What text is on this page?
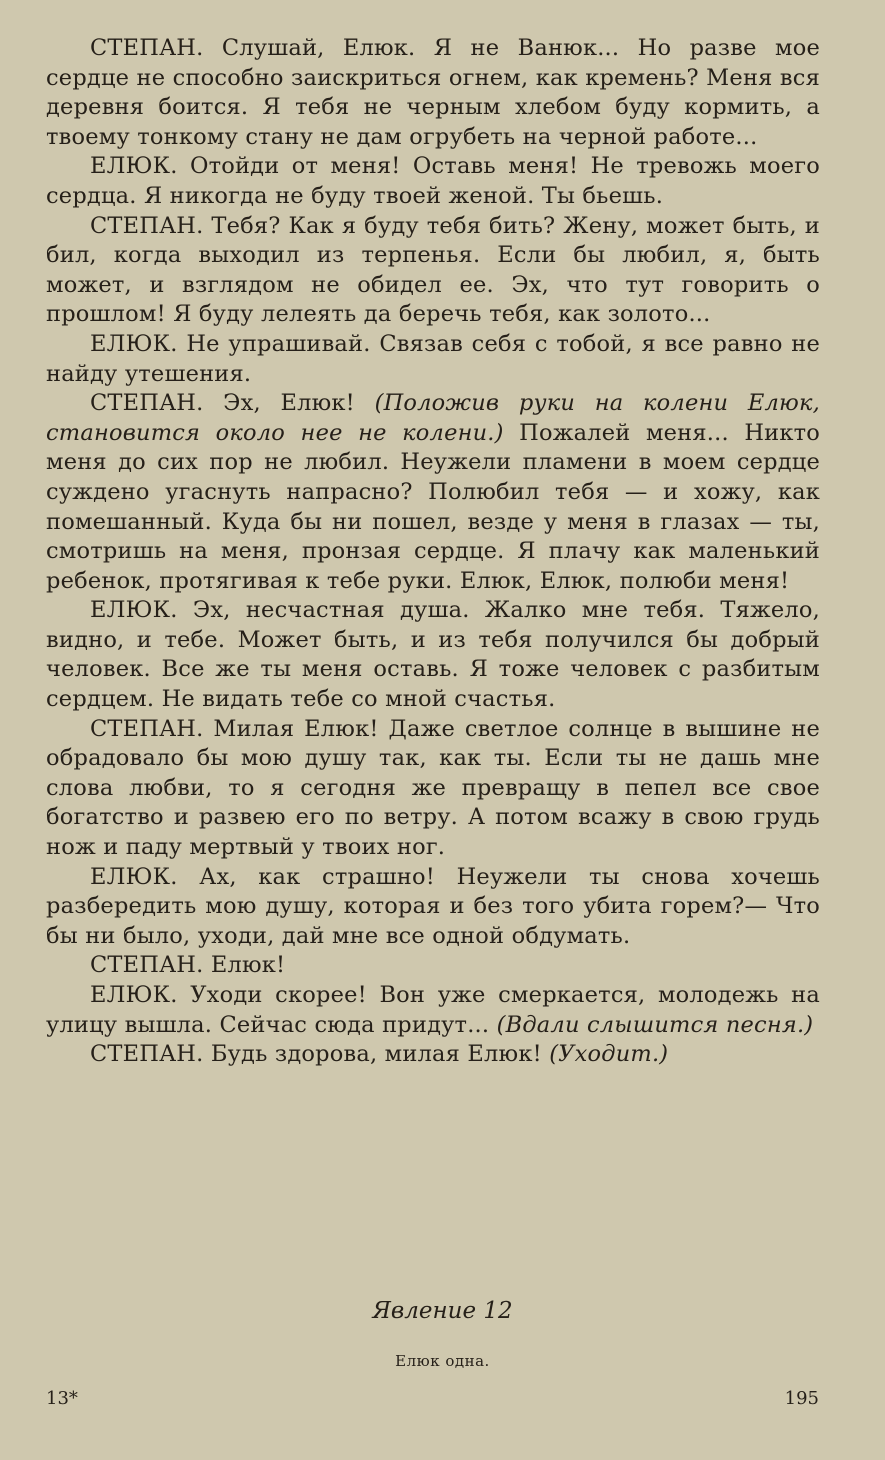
СТЕПАН. Слушай, Елюк. Я не Ванюк... Но разве мое сердце не способно заискриться огнем, как кремень? Меня вся деревня боится. Я тебя не черным хлебом буду кормить, а твоему тонкому стану не дам огрубеть на черной работе...

ЕЛЮК. Отойди от меня! Оставь меня! Не тревожь моего сердца. Я никогда не буду твоей женой. Ты бьешь.

СТЕПАН. Тебя? Как я буду тебя бить? Жену, может быть, и бил, когда выходил из терпенья. Если бы любил, я, быть может, и взглядом не обидел ее. Эх, что тут говорить о прошлом! Я буду лелеять да беречь тебя, как золото...

ЕЛЮК. Не упрашивай. Связав себя с тобой, я все равно не найду утешения.

СТЕПАН. Эх, Елюк! (Положив руки на колени Елюк, становится около нее не колени.) Пожалей меня... Никто меня до сих пор не любил. Неужели пламени в моем сердце суждено угаснуть напрасно? Полюбил тебя — и хожу, как помешанный. Куда бы ни пошел, везде у меня в глазах — ты, смотришь на меня, пронзая сердце. Я плачу как маленький ребенок, протягивая к тебе руки. Елюк, Елюк, полюби меня!

ЕЛЮК. Эх, несчастная душа. Жалко мне тебя. Тяжело, видно, и тебе. Может быть, и из тебя получился бы добрый человек. Все же ты меня оставь. Я тоже человек с разбитым сердцем. Не видать тебе со мной счастья.

СТЕПАН. Милая Елюк! Даже светлое солнце в вышине не обрадовало бы мою душу так, как ты. Если ты не дашь мне слова любви, то я сегодня же превращу в пепел все свое богатство и развею его по ветру. А потом всажу в свою грудь нож и паду мертвый у твоих ног.

ЕЛЮК. Ах, как страшно! Неужели ты снова хочешь разбередить мою душу, которая и без того убита горем?— Что бы ни было, уходи, дай мне все одной обдумать.

СТЕПАН. Елюк!

ЕЛЮК. Уходи скорее! Вон уже смеркается, молодежь на улицу вышла. Сейчас сюда придут... (Вдали слышится песня.)

СТЕПАН. Будь здорова, милая Елюк! (Уходит.)

Явление 12
Елюк одна.
13*	195
